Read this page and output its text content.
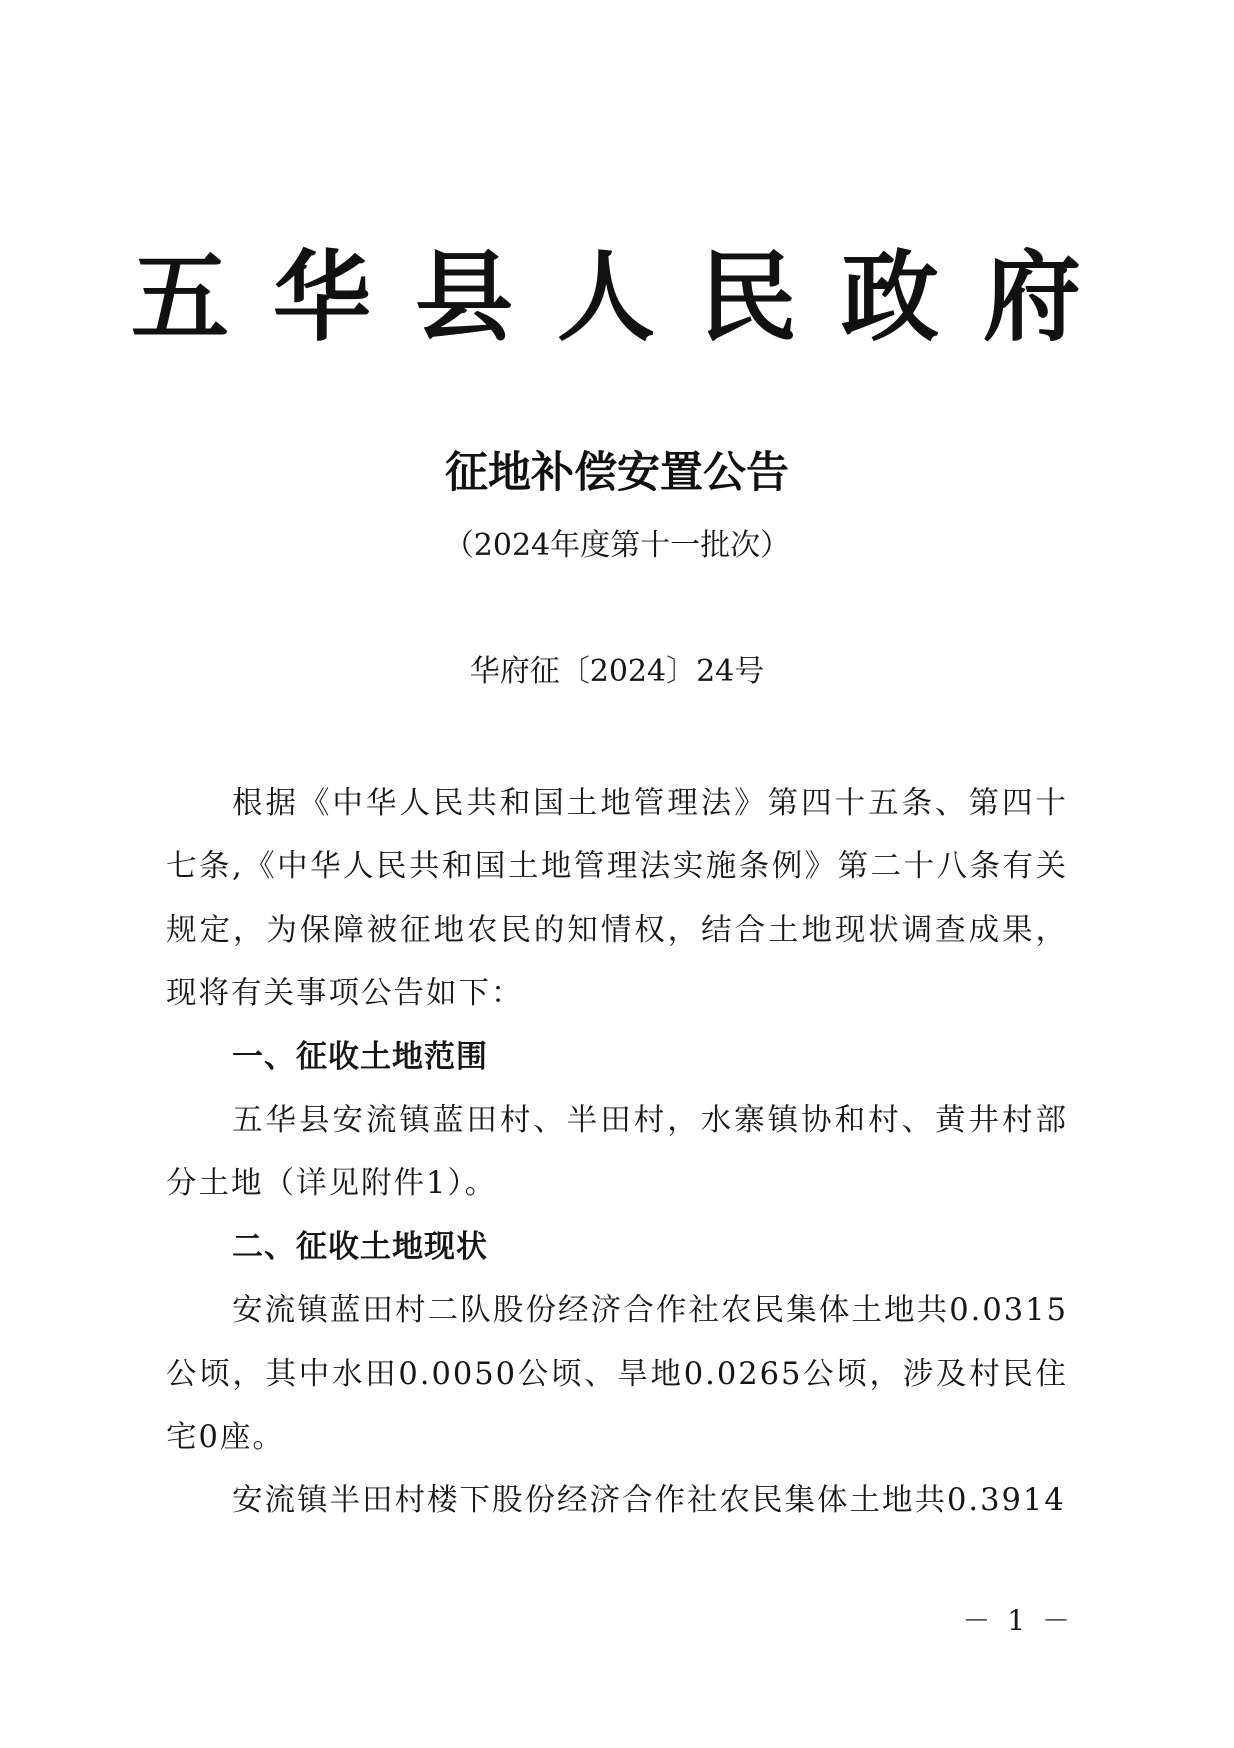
五华县人民政府
征地补偿安置公告
（2024年度第十一批次）
华府征〔2024〕24号

根据《中华人民共和国土地管理法》第四十五条、第四十七条,《中华人民共和国土地管理法实施条例》第二十八条有关规定，为保障被征地农民的知情权，结合土地现状调查成果，现将有关事项公告如下：

一、征收土地范围

五华县安流镇蓝田村、半田村，水寨镇协和村、黄井村部分土地（详见附件1）。

二、征收土地现状

安流镇蓝田村二队股份经济合作社农民集体土地共0.0315公顷，其中水田0.0050公顷、旱地0.0265公顷，涉及村民住宅0座。

安流镇半田村楼下股份经济合作社农民集体土地共0.3914

－ 1 －
